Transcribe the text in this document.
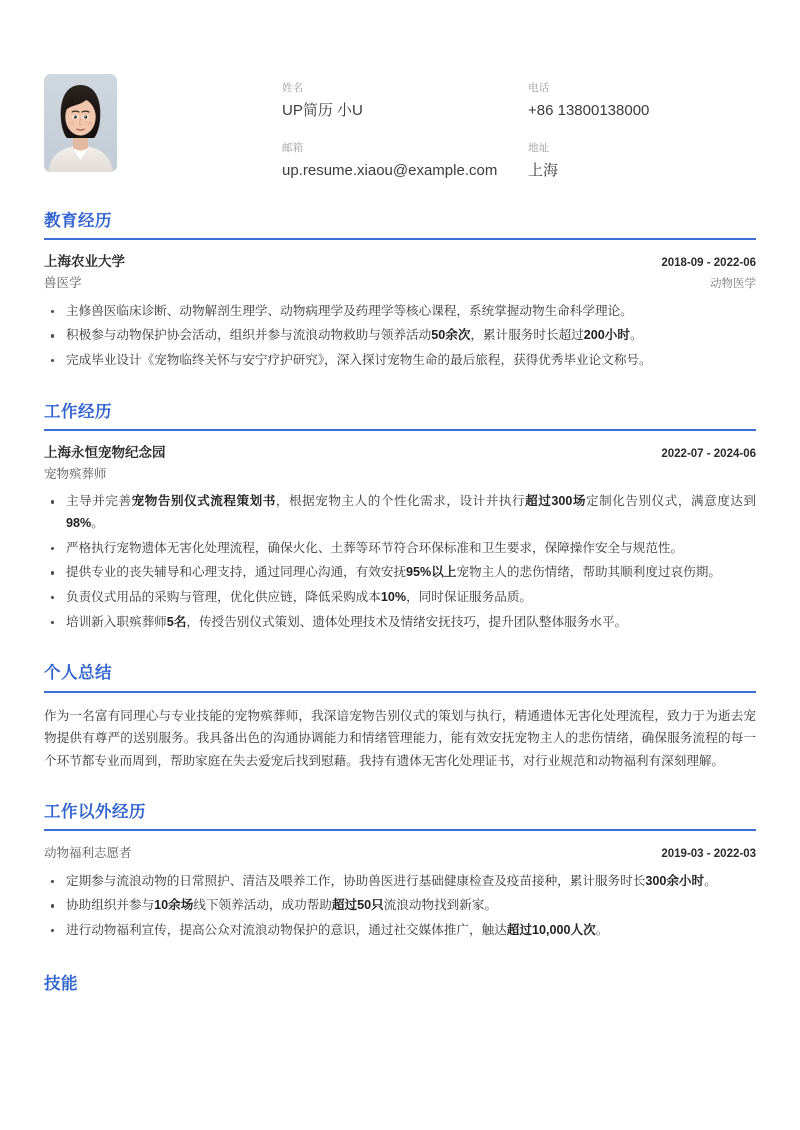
姓名
UP简历 小U
电话
+86 13800138000
邮箱
up.resume.xiaou@example.com
地址
上海
教育经历
上海农业大学	2018-09 - 2022-06
兽医学	动物医学
主修兽医临床诊断、动物解剖生理学、动物病理学及药理学等核心课程，系统掌握动物生命科学理论。
积极参与动物保护协会活动，组织并参与流浪动物救助与领养活动50余次，累计服务时长超过200小时。
完成毕业设计《宠物临终关怀与安宁疗护研究》，深入探讨宠物生命的最后旅程，获得优秀毕业论文称号。
工作经历
上海永恒宠物纪念园	2022-07 - 2024-06
宠物殡葬师
主导并完善宠物告别仪式流程策划书，根据宠物主人的个性化需求，设计并执行超过300场定制化告别仪式，满意度达到98%。
严格执行宠物遗体无害化处理流程，确保火化、土葬等环节符合环保标准和卫生要求，保障操作安全与规范性。
提供专业的丧失辅导和心理支持，通过同理心沟通，有效安抚95%以上宠物主人的悲伤情绪，帮助其顺利度过哀伤期。
负责仪式用品的采购与管理，优化供应链，降低采购成本10%，同时保证服务品质。
培训新入职殡葬师5名，传授告别仪式策划、遗体处理技术及情绪安抚技巧，提升团队整体服务水平。
个人总结
作为一名富有同理心与专业技能的宠物殡葬师，我深谙宠物告别仪式的策划与执行，精通遗体无害化处理流程，致力于为逝去宠物提供有尊严的送别服务。我具备出色的沟通协调能力和情绪管理能力，能有效安抚宠物主人的悲伤情绪，确保服务流程的每一个环节都专业而周到，帮助家庭在失去爱宠后找到慰藉。我持有遗体无害化处理证书，对行业规范和动物福利有深刻理解。
工作以外经历
动物福利志愿者	2019-03 - 2022-03
定期参与流浪动物的日常照护、清洁及喂养工作，协助兽医进行基础健康检查及疫苗接种，累计服务时长300余小时。
协助组织并参与10余场线下领养活动，成功帮助超过50只流浪动物找到新家。
进行动物福利宣传，提高公众对流浪动物保护的意识，通过社交媒体推广，触达超过10,000人次。
技能
